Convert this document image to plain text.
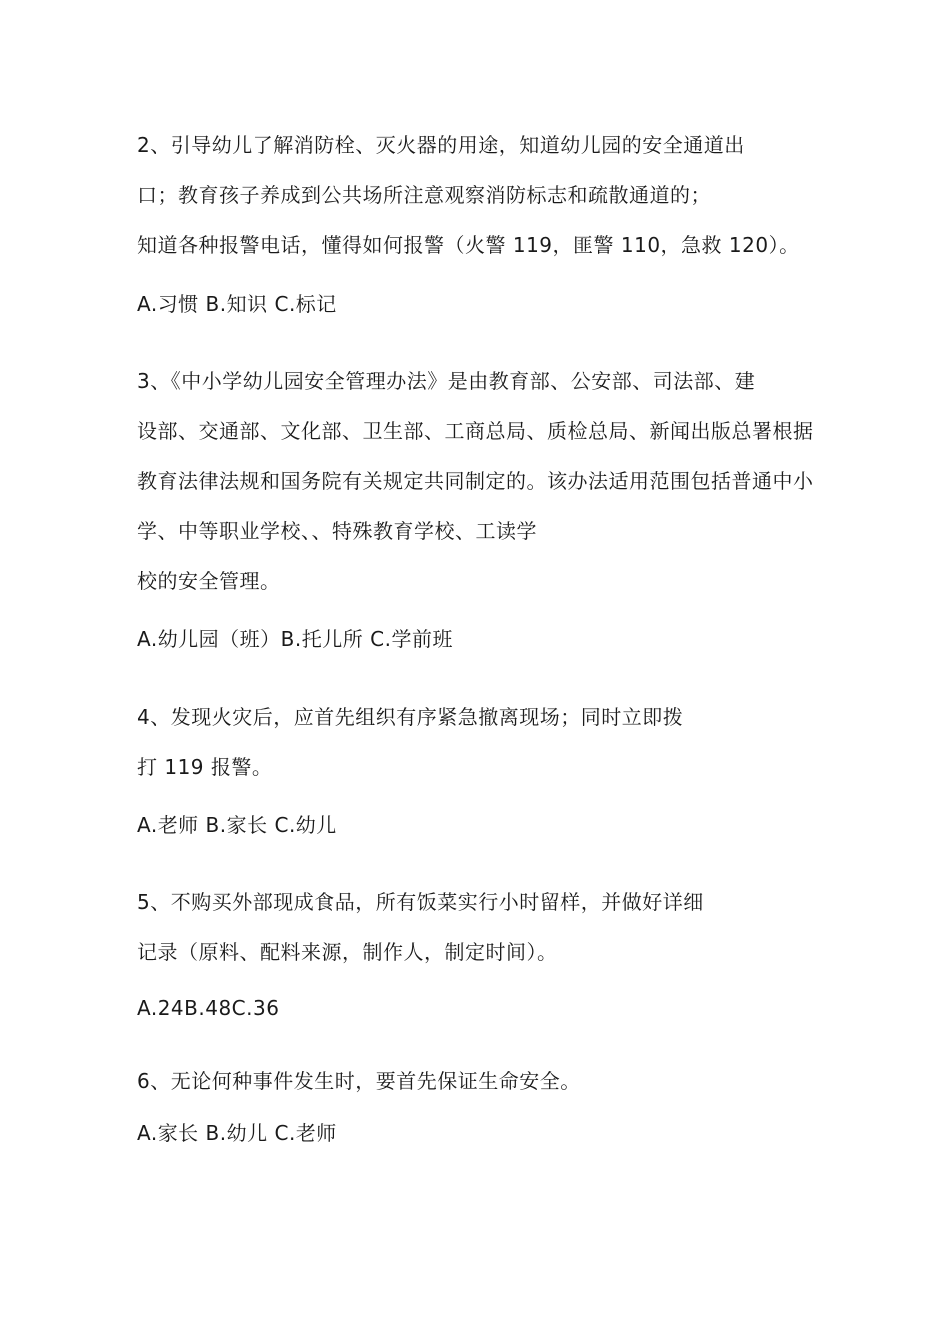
2、引导幼儿了解消防栓、灭火器的用途，知道幼儿园的安全通道出
口；教育孩子养成到公共场所注意观察消防标志和疏散通道的；
知道各种报警电话，懂得如何报警（火警 119，匪警 110，急救 120）。
A.习惯 B.知识 C.标记
3、《中小学幼儿园安全管理办法》是由教育部、公安部、司法部、建
设部、交通部、文化部、卫生部、工商总局、质检总局、新闻出版总署根据
教育法律法规和国务院有关规定共同制定的。该办法适用范围包括普通中小
学、中等职业学校、、特殊教育学校、工读学
校的安全管理。
A.幼儿园（班）B.托儿所 C.学前班
4、发现火灾后，应首先组织有序紧急撤离现场；同时立即拨
打 119 报警。
A.老师 B.家长 C.幼儿
5、不购买外部现成食品，所有饭菜实行小时留样，并做好详细
记录（原料、配料来源，制作人，制定时间）。
A.24B.48C.36
6、无论何种事件发生时，要首先保证生命安全。
A.家长 B.幼儿 C.老师
